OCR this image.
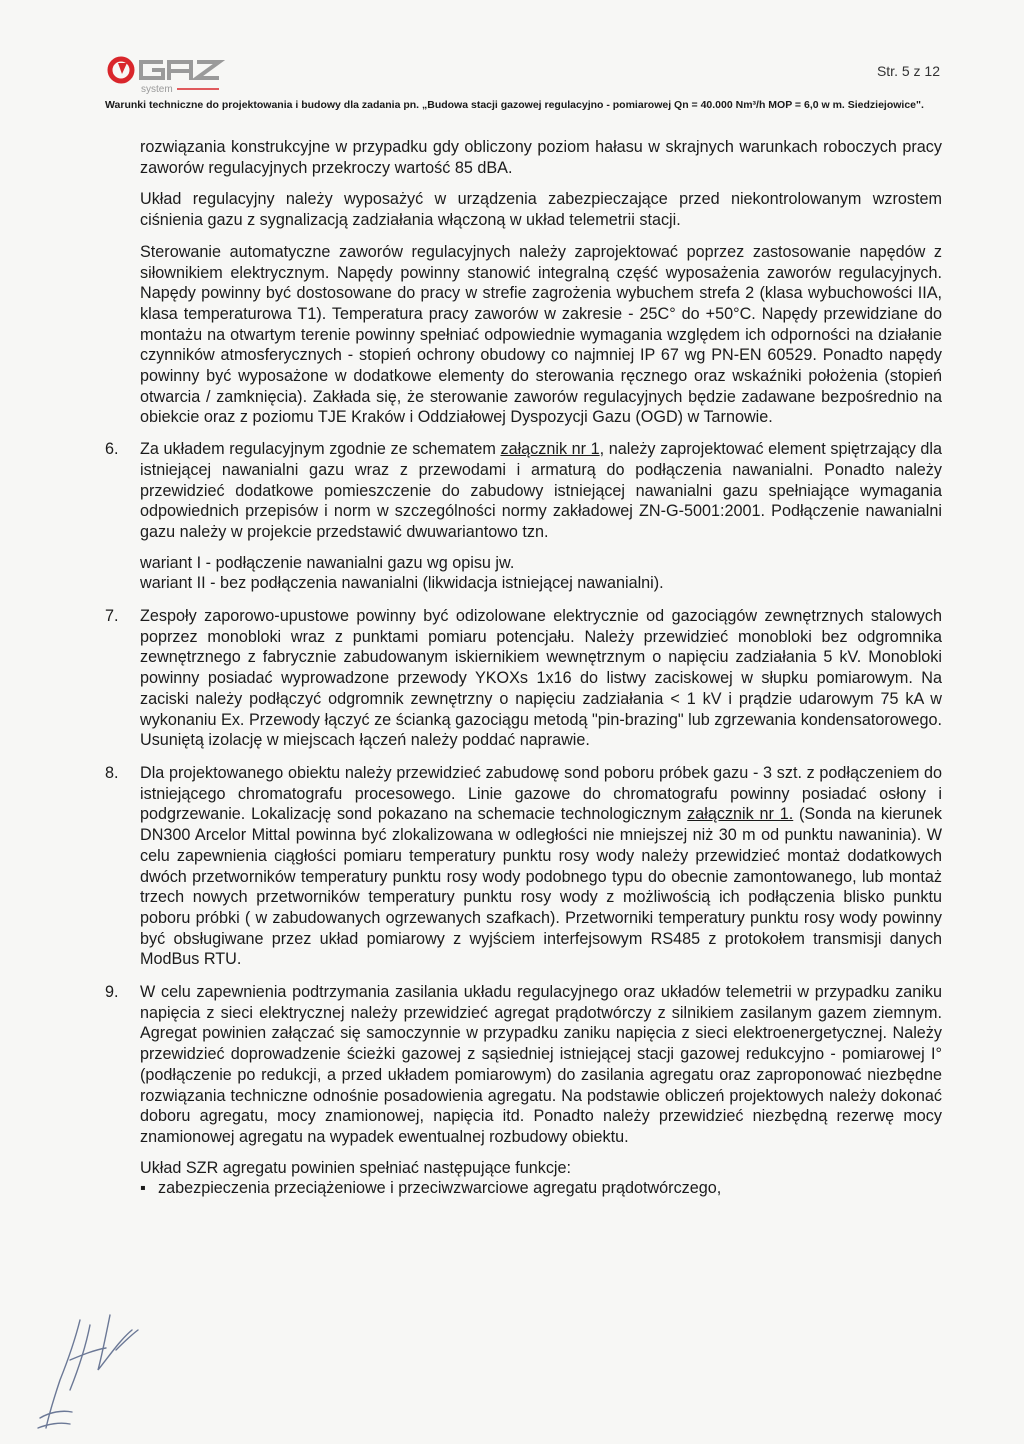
system
Str. 5 z 12
Warunki techniczne do projektowania i budowy dla zadania pn. „Budowa stacji gazowej regulacyjno - pomiarowej Qn = 40.000 Nm³/h MOP = 6,0 w m. Siedziejowice".

rozwiązania konstrukcyjne w przypadku gdy obliczony poziom hałasu w skrajnych warunkach roboczych pracy zaworów regulacyjnych przekroczy wartość 85 dBA.

Układ regulacyjny należy wyposażyć w urządzenia zabezpieczające przed niekontrolowanym wzrostem ciśnienia gazu z sygnalizacją zadziałania włączoną w układ telemetrii stacji.

Sterowanie automatyczne zaworów regulacyjnych należy zaprojektować poprzez zastosowanie napędów z siłownikiem elektrycznym. Napędy powinny stanowić integralną część wyposażenia zaworów regulacyjnych. Napędy powinny być dostosowane do pracy w strefie zagrożenia wybuchem strefa 2 (klasa wybuchowości IIA, klasa temperaturowa T1). Temperatura pracy zaworów w zakresie - 25C° do +50°C. Napędy przewidziane do montażu na otwartym terenie powinny spełniać odpowiednie wymagania względem ich odporności na działanie czynników atmosferycznych - stopień ochrony obudowy co najmniej IP 67 wg PN-EN 60529. Ponadto napędy powinny być wyposażone w dodatkowe elementy do sterowania ręcznego oraz wskaźniki położenia (stopień otwarcia / zamknięcia). Zakłada się, że sterowanie zaworów regulacyjnych będzie zadawane bezpośrednio na obiekcie oraz z poziomu TJE Kraków i Oddziałowej Dyspozycji Gazu (OGD) w Tarnowie.

6. Za układem regulacyjnym zgodnie ze schematem załącznik nr 1, należy zaprojektować element spiętrzający dla istniejącej nawanialni gazu wraz z przewodami i armaturą do podłączenia nawanialni. Ponadto należy przewidzieć dodatkowe pomieszczenie do zabudowy istniejącej nawanialni gazu spełniające wymagania odpowiednich przepisów i norm w szczególności normy zakładowej ZN-G-5001:2001. Podłączenie nawanialni gazu należy w projekcie przedstawić dwuwariantowo tzn.

wariant I - podłączenie nawanialni gazu wg opisu jw.

wariant II - bez podłączenia nawanialni (likwidacja istniejącej nawanialni).

7. Zespoły zaporowo-upustowe powinny być odizolowane elektrycznie od gazociągów zewnętrznych stalowych poprzez monobloki wraz z punktami pomiaru potencjału. Należy przewidzieć monobloki bez odgromnika zewnętrznego z fabrycznie zabudowanym iskiernikiem wewnętrznym o napięciu zadziałania 5 kV. Monobloki powinny posiadać wyprowadzone przewody YKOXs 1x16 do listwy zaciskowej w słupku pomiarowym. Na zaciski należy podłączyć odgromnik zewnętrzny o napięciu zadziałania < 1 kV i prądzie udarowym 75 kA w wykonaniu Ex. Przewody łączyć ze ścianką gazociągu metodą "pin-brazing" lub zgrzewania kondensatorowego. Usuniętą izolację w miejscach łączeń należy poddać naprawie.

8. Dla projektowanego obiektu należy przewidzieć zabudowę sond poboru próbek gazu - 3 szt. z podłączeniem do istniejącego chromatografu procesowego. Linie gazowe do chromatografu powinny posiadać osłony i podgrzewanie. Lokalizację sond pokazano na schemacie technologicznym załącznik nr 1. (Sonda na kierunek DN300 Arcelor Mittal powinna być zlokalizowana w odległości nie mniejszej niż 30 m od punktu nawaninia). W celu zapewnienia ciągłości pomiaru temperatury punktu rosy wody należy przewidzieć montaż dodatkowych dwóch przetworników temperatury punktu rosy wody podobnego typu do obecnie zamontowanego, lub montaż trzech nowych przetworników temperatury punktu rosy wody z możliwością ich podłączenia blisko punktu poboru próbki ( w zabudowanych ogrzewanych szafkach). Przetworniki temperatury punktu rosy wody powinny być obsługiwane przez układ pomiarowy z wyjściem interfejsowym RS485 z protokołem transmisji danych ModBus RTU.

9. W celu zapewnienia podtrzymania zasilania układu regulacyjnego oraz układów telemetrii w przypadku zaniku napięcia z sieci elektrycznej należy przewidzieć agregat prądotwórczy z silnikiem zasilanym gazem ziemnym. Agregat powinien załączać się samoczynnie w przypadku zaniku napięcia z sieci elektroenergetycznej. Należy przewidzieć doprowadzenie ścieżki gazowej z sąsiedniej istniejącej stacji gazowej redukcyjno - pomiarowej I° (podłączenie po redukcji, a przed układem pomiarowym) do zasilania agregatu oraz zaproponować niezbędne rozwiązania techniczne odnośnie posadowienia agregatu. Na podstawie obliczeń projektowych należy dokonać doboru agregatu, mocy znamionowej, napięcia itd. Ponadto należy przewidzieć niezbędną rezerwę mocy znamionowej agregatu na wypadek ewentualnej rozbudowy obiektu.

Układ SZR agregatu powinien spełniać następujące funkcje:

▪ zabezpieczenia przeciążeniowe i przeciwzwarciowe agregatu prądotwórczego,
